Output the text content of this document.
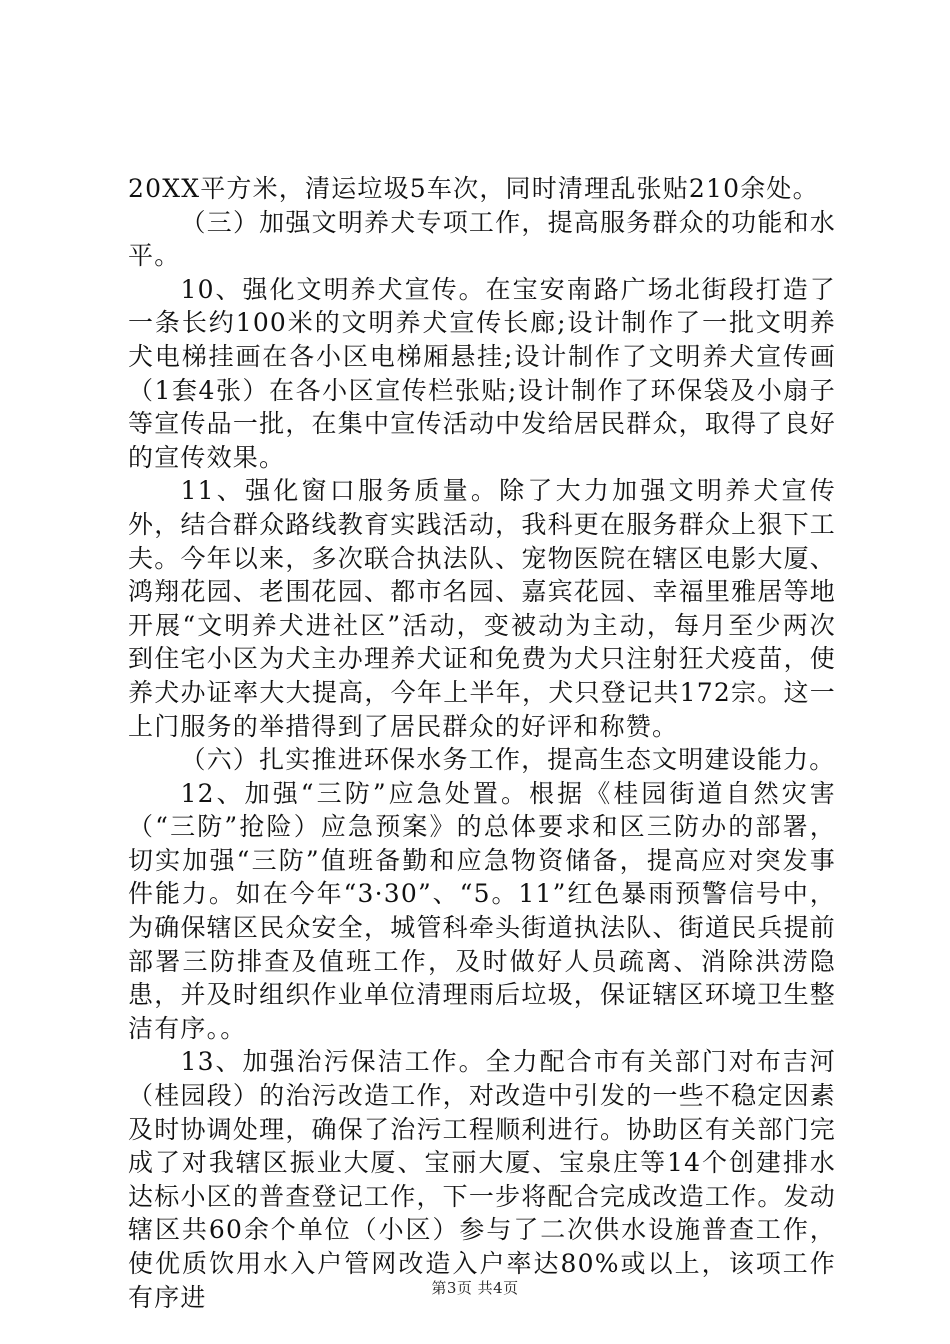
20XX平方米，清运垃圾5车次，同时清理乱张贴210余处。

（三）加强文明养犬专项工作，提高服务群众的功能和水平。

10、强化文明养犬宣传。在宝安南路广场北街段打造了一条长约100米的文明养犬宣传长廊;设计制作了一批文明养犬电梯挂画在各小区电梯厢悬挂;设计制作了文明养犬宣传画（1套4张）在各小区宣传栏张贴;设计制作了环保袋及小扇子等宣传品一批，在集中宣传活动中发给居民群众，取得了良好的宣传效果。

11、强化窗口服务质量。除了大力加强文明养犬宣传外，结合群众路线教育实践活动，我科更在服务群众上狠下工夫。今年以来，多次联合执法队、宠物医院在辖区电影大厦、鸿翔花园、老围花园、都市名园、嘉宾花园、幸福里雅居等地开展“文明养犬进社区”活动，变被动为主动，每月至少两次到住宅小区为犬主办理养犬证和免费为犬只注射狂犬疫苗，使养犬办证率大大提高，今年上半年，犬只登记共172宗。这一上门服务的举措得到了居民群众的好评和称赞。

（六）扎实推进环保水务工作，提高生态文明建设能力。

12、加强“三防”应急处置。根据《桂园街道自然灾害（“三防”抢险）应急预案》的总体要求和区三防办的部署，切实加强“三防”值班备勤和应急物资储备，提高应对突发事件能力。如在今年“3·30”、“5。11”红色暴雨预警信号中，为确保辖区民众安全，城管科牵头街道执法队、街道民兵提前部署三防排查及值班工作，及时做好人员疏离、消除洪涝隐患，并及时组织作业单位清理雨后垃圾，保证辖区环境卫生整洁有序。。

13、加强治污保洁工作。全力配合市有关部门对布吉河（桂园段）的治污改造工作，对改造中引发的一些不稳定因素及时协调处理，确保了治污工程顺利进行。协助区有关部门完成了对我辖区振业大厦、宝丽大厦、宝泉庄等14个创建排水达标小区的普查登记工作，下一步将配合完成改造工作。发动辖区共60余个单位（小区）参与了二次供水设施普查工作，使优质饮用水入户管网改造入户率达80%或以上，该项工作有序进	第3页 共4页
